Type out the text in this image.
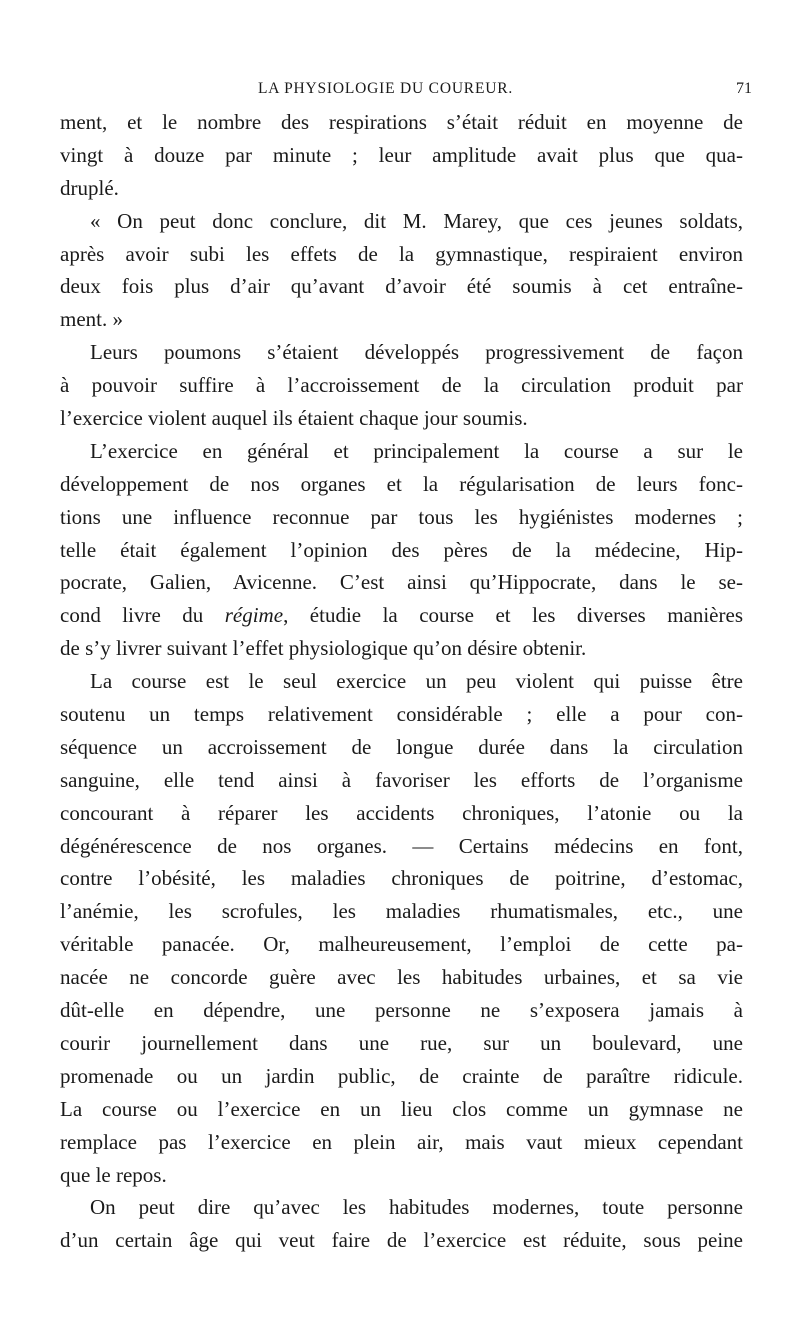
LA PHYSIOLOGIE DU COUREUR.	71
ment, et le nombre des respirations s’était réduit en moyenne de
vingt à douze par minute ; leur amplitude avait plus que qua-
druplé.
« On peut donc conclure, dit M. Marey, que ces jeunes soldats,
après avoir subi les effets de la gymnastique, respiraient environ
deux fois plus d’air qu’avant d’avoir été soumis à cet entraîne-
ment. »
Leurs poumons s’étaient développés progressivement de façon
à pouvoir suffire à l’accroissement de la circulation produit par
l’exercice violent auquel ils étaient chaque jour soumis.
L’exercice en général et principalement la course a sur le
développement de nos organes et la régularisation de leurs fonc-
tions une influence reconnue par tous les hygiénistes modernes ;
telle était également l’opinion des pères de la médecine, Hip-
pocrate, Galien, Avicenne. C’est ainsi qu’Hippocrate, dans le se-
cond livre du régime, étudie la course et les diverses manières
de s’y livrer suivant l’effet physiologique qu’on désire obtenir.
La course est le seul exercice un peu violent qui puisse être
soutenu un temps relativement considérable ; elle a pour con-
séquence un accroissement de longue durée dans la circulation
sanguine, elle tend ainsi à favoriser les efforts de l’organisme
concourant à réparer les accidents chroniques, l’atonie ou la
dégénérescence de nos organes. — Certains médecins en font,
contre l’obésité, les maladies chroniques de poitrine, d’estomac,
l’anémie, les scrofules, les maladies rhumatismales, etc., une
véritable panacée. Or, malheureusement, l’emploi de cette pa-
nacée ne concorde guère avec les habitudes urbaines, et sa vie
dût-elle en dépendre, une personne ne s’exposera jamais à
courir journellement dans une rue, sur un boulevard, une
promenade ou un jardin public, de crainte de paraître ridicule.
La course ou l’exercice en un lieu clos comme un gymnase ne
remplace pas l’exercice en plein air, mais vaut mieux cependant
que le repos.
On peut dire qu’avec les habitudes modernes, toute personne
d’un certain âge qui veut faire de l’exercice est réduite, sous peine
